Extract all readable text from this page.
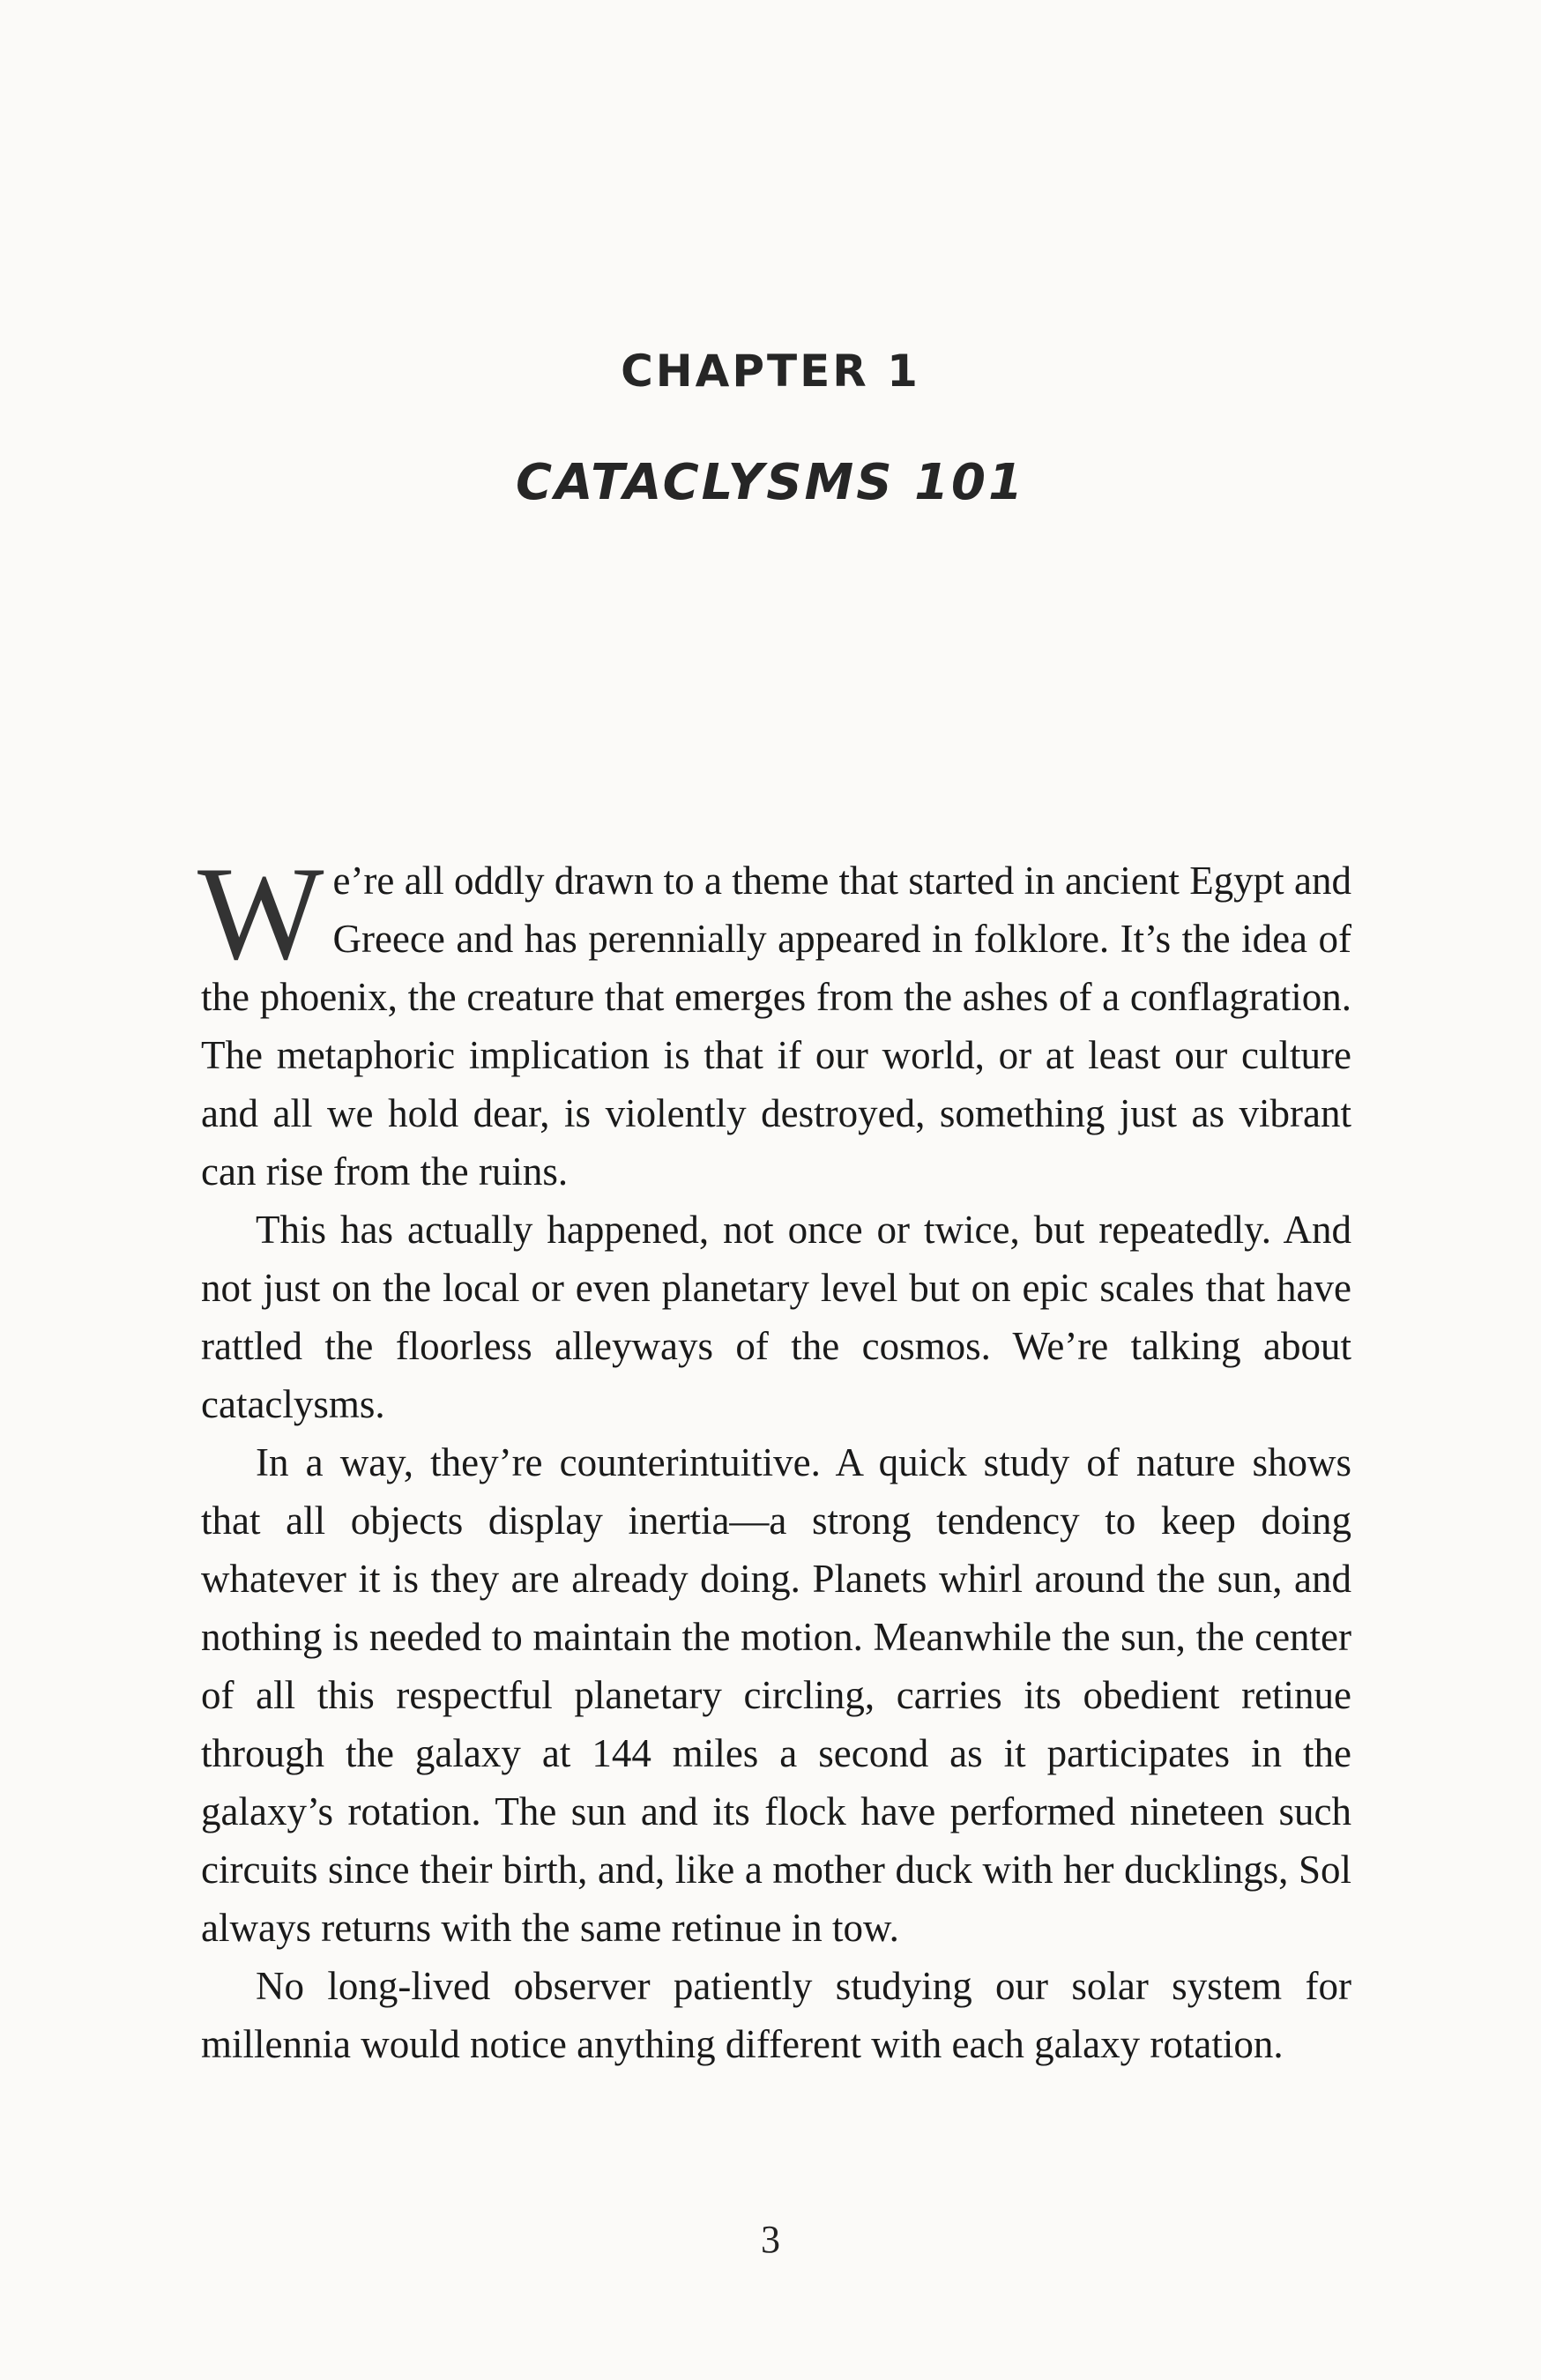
CHAPTER 1
CATACLYSMS 101

We’re all oddly drawn to a theme that started in ancient Egypt and Greece and has perennially appeared in folklore. It’s the idea of the phoenix, the creature that emerges from the ashes of a conflagration. The metaphoric implication is that if our world, or at least our culture and all we hold dear, is violently destroyed, something just as vibrant can rise from the ruins.

This has actually happened, not once or twice, but repeatedly. And not just on the local or even planetary level but on epic scales that have rattled the floorless alleyways of the cosmos. We’re talking about cataclysms.

In a way, they’re counterintuitive. A quick study of nature shows that all objects display inertia—a strong tendency to keep doing whatever it is they are already doing. Planets whirl around the sun, and nothing is needed to maintain the motion. Meanwhile the sun, the center of all this respectful planetary circling, carries its obedient retinue through the galaxy at 144 miles a second as it participates in the galaxy’s rotation. The sun and its flock have performed nineteen such circuits since their birth, and, like a mother duck with her ducklings, Sol always returns with the same retinue in tow.

No long-lived observer patiently studying our solar system for millennia would notice anything different with each galaxy rotation.

3
